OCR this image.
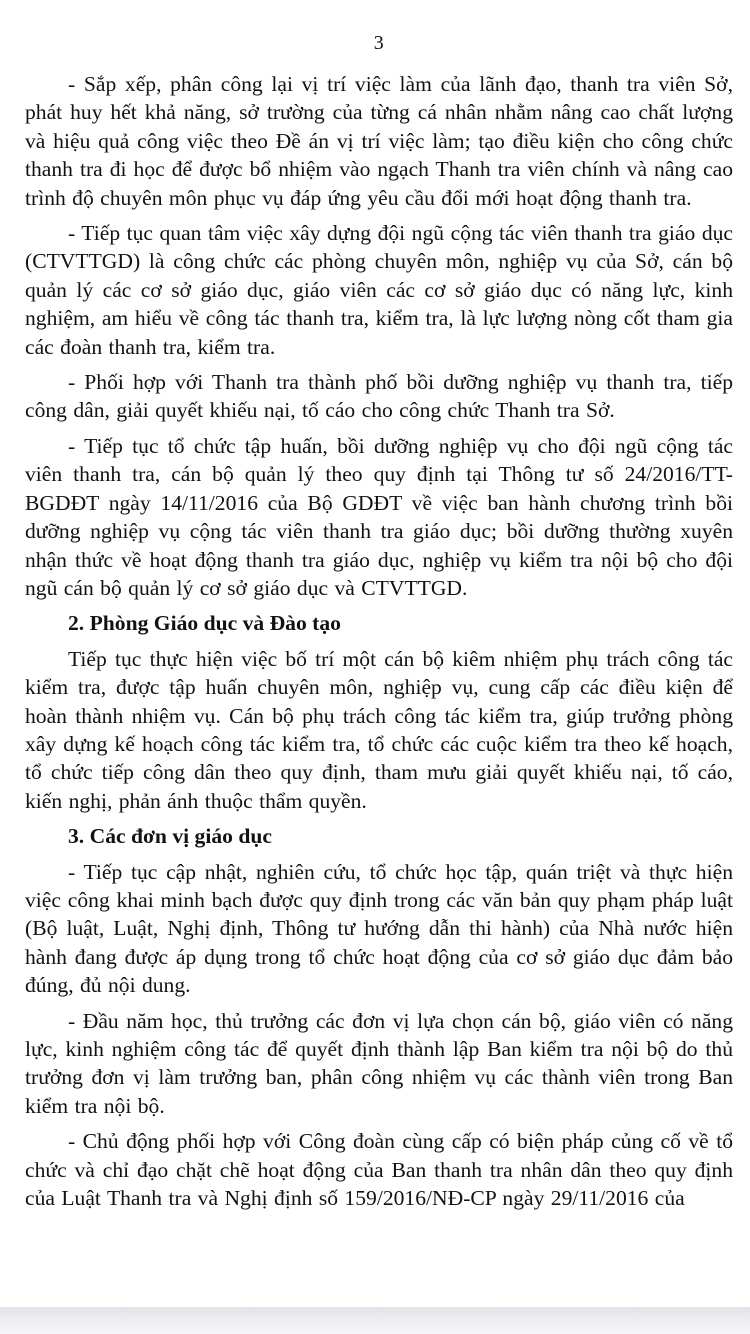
3

- Sắp xếp, phân công lại vị trí việc làm của lãnh đạo, thanh tra viên Sở, phát huy hết khả năng, sở trường của từng cá nhân nhằm nâng cao chất lượng và hiệu quả công việc theo Đề án vị trí việc làm; tạo điều kiện cho công chức thanh tra đi học để được bổ nhiệm vào ngạch Thanh tra viên chính và nâng cao trình độ chuyên môn phục vụ đáp ứng yêu cầu đổi mới hoạt động thanh tra.

- Tiếp tục quan tâm việc xây dựng đội ngũ cộng tác viên thanh tra giáo dục (CTVTTGD) là công chức các phòng chuyên môn, nghiệp vụ của Sở, cán bộ quản lý các cơ sở giáo dục, giáo viên các cơ sở giáo dục có năng lực, kinh nghiệm, am hiểu về công tác thanh tra, kiểm tra, là lực lượng nòng cốt tham gia các đoàn thanh tra, kiểm tra.

- Phối hợp với Thanh tra thành phố bồi dưỡng nghiệp vụ thanh tra, tiếp công dân, giải quyết khiếu nại, tố cáo cho công chức Thanh tra Sở.

- Tiếp tục tổ chức tập huấn, bồi dưỡng nghiệp vụ cho đội ngũ cộng tác viên thanh tra, cán bộ quản lý theo quy định tại Thông tư số 24/2016/TT-BGDĐT ngày 14/11/2016 của Bộ GDĐT về việc ban hành chương trình bồi dưỡng nghiệp vụ cộng tác viên thanh tra giáo dục; bồi dưỡng thường xuyên nhận thức về hoạt động thanh tra giáo dục, nghiệp vụ kiểm tra nội bộ cho đội ngũ cán bộ quản lý cơ sở giáo dục và CTVTTGD.

2. Phòng Giáo dục và Đào tạo

Tiếp tục thực hiện việc bố trí một cán bộ kiêm nhiệm phụ trách công tác kiểm tra, được tập huấn chuyên môn, nghiệp vụ, cung cấp các điều kiện để hoàn thành nhiệm vụ. Cán bộ phụ trách công tác kiểm tra, giúp trưởng phòng xây dựng kế hoạch công tác kiểm tra, tổ chức các cuộc kiểm tra theo kế hoạch, tổ chức tiếp công dân theo quy định, tham mưu giải quyết khiếu nại, tố cáo, kiến nghị, phản ánh thuộc thẩm quyền.

3. Các đơn vị giáo dục

- Tiếp tục cập nhật, nghiên cứu, tổ chức học tập, quán triệt và thực hiện việc công khai minh bạch được quy định trong các văn bản quy phạm pháp luật (Bộ luật, Luật, Nghị định, Thông tư hướng dẫn thi hành) của Nhà nước hiện hành đang được áp dụng trong tổ chức hoạt động của cơ sở giáo dục đảm bảo đúng, đủ nội dung.

- Đầu năm học, thủ trưởng các đơn vị lựa chọn cán bộ, giáo viên có năng lực, kinh nghiệm công tác để quyết định thành lập Ban kiểm tra nội bộ do thủ trưởng đơn vị làm trưởng ban, phân công nhiệm vụ các thành viên trong Ban kiểm tra nội bộ.

- Chủ động phối hợp với Công đoàn cùng cấp có biện pháp củng cố về tổ chức và chỉ đạo chặt chẽ hoạt động của Ban thanh tra nhân dân theo quy định của Luật Thanh tra và Nghị định số 159/2016/NĐ-CP ngày 29/11/2016 của
